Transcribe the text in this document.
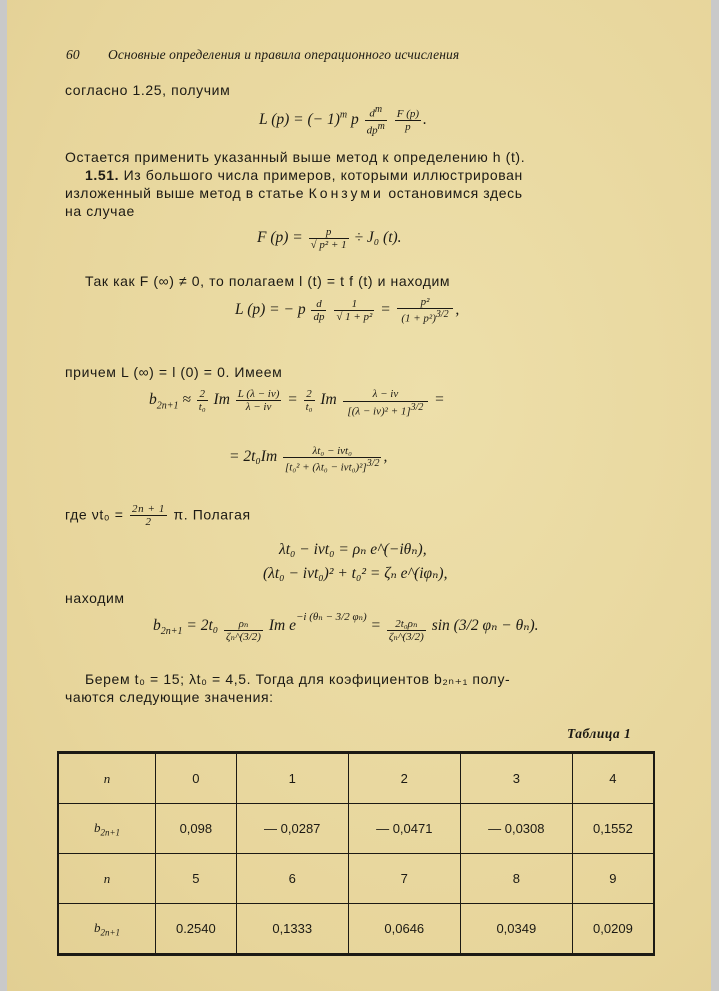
60 Основные определения и правила операционного исчисления
согласно 1.25, получим
L (p) = (− 1)$^m$ p $\frac{d^m}{dp^m}$
$\frac{F (p)}{p}$ .
Остается применить указанный выше метод к определению h (t).
1.51. Из большого числа примеров, которыми иллюстрирован
изложенный выше метод в статье Конзуми остановимся здесь
на случае
F $(p) = \frac{p}{\text{√ p² + 1}} \div J_0$ (t).
Так как F (∞) ≠ 0, то полагаем l (t) = t f (t) и находим
L (p) = − p $\frac{d}{dp}$
$\frac{1}{\text{√ 1 + p²}} = \frac{\text{p²}}{(1 + p^2)^{3/2}}$ ,
причем L (∞) = l (0) = 0. Имеем
$b_{2n+1} \approx \frac{2}{\text{t₀}}$ Im $\frac{L (\lambda - i\nu)}{\lambda - i\nu} = \frac{2}{\text{t₀}}$ Im $\frac{\lambda - i\nu}{[(\lambda - i\nu)^2 + 1]^{3/2}}$ =
= $2t_0Im \frac{\text{λt₀ − iνt₀}}{[t_0^2 + (\lambda t_0 - i\nu t_0)^2]^{3/2}}$ ,
где $\nu t_0 = \frac{2n + 1}{2} \pi$. Полагая
λt₀ − iνt₀ = ρₙ e^(−iθₙ),
(λt₀ − iνt₀)² + t₀² = ζₙ e^(iφₙ),
находим
$b_{2n+1} = 2t_0 \frac{\text{ρₙ}}{\text{ζₙ\textasciicircum{}(3/2)}}$ Im $e^{-i (\theta_n - 3/2 \varphi_n)} = \frac{\text{2t₀ρₙ}}{\text{ζₙ\textasciicircum{}(3/2)}}$ sin (3/2 φₙ − θₙ).
Берем t₀ = 15; λt₀ = 4,5. Тогда для коэфициентов b₂ₙ₊₁ полу-
чаются следующие значения:
Таблица 1
n	0	1	2	3	4
$b_{2n+1}$	0,098	— 0,0287	— 0,0471	— 0,0308	0,1552
n	5	6	7	8	9
$b_{2n+1}$	0.2540	0,1333	0,0646	0,0349	0,0209
